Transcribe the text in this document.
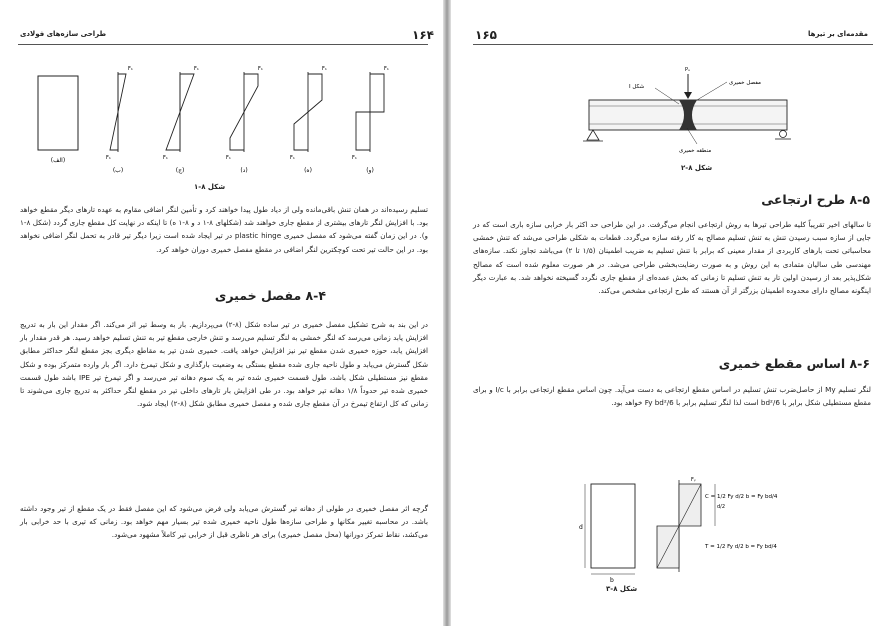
۱۶۴
طراحی سازه‌های فولادی
(الف)
F₁
F₁
(ب)
F₁
F₁
(ج)
F₁
F₁
(د)
F₁
F₁
(ه)
F₁
F₁
(و)
شکل ۸-۱

تسلیم رسیده‌اند در همان تنش باقی‌مانده ولی از دیاد طول پیدا خواهند کرد و تأمین لنگر اضافی مقاوم به عهده تارهای دیگر مقطع خواهد بود. با افزایش لنگر تارهای بیشتری از مقطع جاری خواهند شد (شکلهای ۸-۱ د و ۸-۱ ه) تا اینکه در نهایت کل مقطع جاری گردد (شکل ۸-۱ و). در این زمان گفته می‌شود که مفصل خمیری plastic hinge در تیر ایجاد شده است زیرا دیگر تیر قادر به تحمل لنگر اضافی نخواهد بود. در این حالت تیر تحت کوچکترین لنگر اضافی در مقطع مفصل خمیری دوران خواهد کرد.

۸-۴ مفصل خمیری

در این بند به شرح تشکیل مفصل خمیری در تیر ساده شکل (۸-۲) می‌پردازیم. بار به وسط تیر اثر می‌کند. اگر مقدار این بار به تدریج افزایش یابد زمانی می‌رسد که لنگر خمشی به لنگر تسلیم می‌رسد و تنش خارجی مقطع تیر به تنش تسلیم خواهد رسید. هر قدر مقدار بار افزایش یابد، حوزه خمیری شدن مقطع تیر نیز افزایش خواهد یافت. خمیری شدن تیر به مقاطع دیگری بجز مقطع لنگر حداکثر مطابق شکل گسترش می‌یابد و طول ناحیه جاری شده مقطع بستگی به وضعیت بارگذاری و شکل تیمرخ دارد. اگر بار وارده متمرکز بوده و شکل مقطع نیز مستطیلی شکل باشد، طول قسمت خمیری شده تیر به یک سوم دهانه تیر می‌رسد و اگر تیمرخ تیر IPE باشد طول قسمت خمیری شده تیر حدوداً ۱/۸ دهانه تیر خواهد بود. در طی افزایش بار تارهای داخلی تیر در مقطع لنگر حداکثر به تدریج جاری می‌شوند تا زمانی که کل ارتفاع تیمرخ در آن مقطع جاری شده و مفصل خمیری مطابق شکل (۸-۲) ایجاد شود.

گرچه اثر مفصل خمیری در طولی از دهانه تیر گسترش می‌یابد ولی فرض می‌شود که این مفصل فقط در یک مقطع از تیر وجود داشته باشد. در محاسبه تغییر مکانها و طراحی سازه‌ها طول ناحیه خمیری شده تیر بسیار مهم خواهد بود. زمانی که تیری با حد خرابی بار می‌کشد، نقاط تمرکز دورانها (محل مفصل خمیری) برای هر ناظری قبل از خرابی تیر کاملاً مشهود می‌شود.

۱۶۵	مقدمه‌ای بر تیرها
Pᵤ
مفصل خمیری
I شکل
منطقه خمیری
شکل ۸-۲
۸-۵ طرح ارتجاعی

تا سالهای اخیر تقریباً کلیه طراحی تیرها به روش ارتجاعی انجام می‌گرفت. در این طراحی حد اکثر بار خرابی سازه باری است که در جایی از سازه سبب رسیدن تنش به تنش تسلیم مصالح به کار رفته سازه می‌گردد. قطعات به شکلی طراحی می‌شد که تنش خمشی محاسباتی تحت بارهای کاربردی از مقدار معینی که برابر با تنش تسلیم به ضریب اطمینان (۱/۵ تا ۲) می‌باشد تجاوز نکند. سازه‌های مهندسی طی سالیان متمادی به این روش و به صورت رضایت‌بخشی طراحی می‌شد. در هر صورت معلوم شده است که مصالح شکل‌پذیر بعد از رسیدن اولین تار به تنش تسلیم تا زمانی که بخش عمده‌ای از مقطع جاری نگردد گسیخته نخواهد شد. به عبارت دیگر اینگونه مصالح دارای محدوده اطمینان بزرگتر از آن هستند که طرح ارتجاعی مشخص می‌کند.

۸-۶ اساس مقطع خمیری

لنگر تسلیم My از حاصل‌ضرب تنش تسلیم در اساس مقطع ارتجاعی به دست می‌آید. چون اساس مقطع ارتجاعی برابر با I/c و برای مقطع مستطیلی شکل برابر با bd²/6 است لذا لنگر تسلیم برابر با Fy bd²/6 خواهد بود.

d
b
Fᵧ
d/2
C = 1/2 Fy d/2 b = Fy bd/4
T = 1/2 Fy d/2 b = Fy bd/4
شکل ۸-۳
